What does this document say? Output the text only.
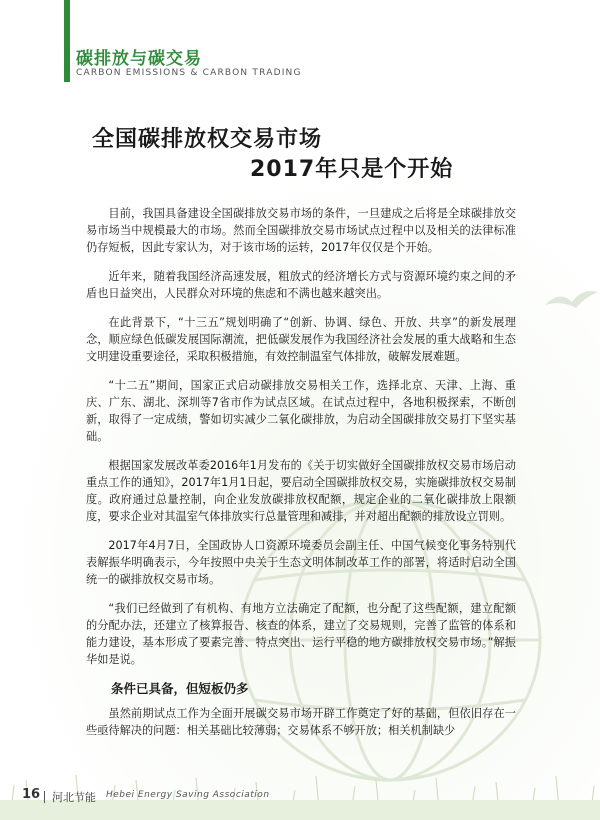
碳排放与碳交易
CARBON EMISSIONS & CARBON TRADING
全国碳排放权交易市场
2017年只是个开始

目前，我国具备建设全国碳排放交易市场的条件，一旦建成之后将是全球碳排放交易市场当中规模最大的市场。然而全国碳排放交易市场试点过程中以及相关的法律标准仍存短板，因此专家认为，对于该市场的运转，2017年仅仅是个开始。

近年来，随着我国经济高速发展，粗放式的经济增长方式与资源环境约束之间的矛盾也日益突出，人民群众对环境的焦虑和不满也越来越突出。

在此背景下，“十三五”规划明确了“创新、协调、绿色、开放、共享”的新发展理念，顺应绿色低碳发展国际潮流，把低碳发展作为我国经济社会发展的重大战略和生态文明建设重要途径，采取积极措施，有效控制温室气体排放，破解发展难题。

“十二五”期间，国家正式启动碳排放交易相关工作，选择北京、天津、上海、重庆、广东、湖北、深圳等7省市作为试点区域。在试点过程中，各地积极探索，不断创新，取得了一定成绩，警如切实减少二氧化碳排放，为启动全国碳排放交易打下坚实基础。

根据国家发展改革委2016年1月发布的《关于切实做好全国碳排放权交易市场启动重点工作的通知》，2017年1月1日起，要启动全国碳排放权交易，实施碳排放权交易制度。政府通过总量控制，向企业发放碳排放权配额，规定企业的二氧化碳排放上限额度，要求企业对其温室气体排放实行总量管理和减排，并对超出配额的排放设立罚则。

2017年4月7日，全国政协人口资源环境委员会副主任、中国气候变化事务特别代表解振华明确表示，今年按照中央关于生态文明体制改革工作的部署，将适时启动全国统一的碳排放权交易市场。

“我们已经做到了有机构、有地方立法确定了配额，也分配了这些配额，建立配额的分配办法，还建立了核算报告、核查的体系，建立了交易规则，完善了监管的体系和能力建设，基本形成了要素完善、特点突出、运行平稳的地方碳排放权交易市场。”解振华如是说。

条件已具备，但短板仍多

虽然前期试点工作为全面开展碳交易市场开辟工作奠定了好的基础，但依旧存在一些亟待解决的问题：相关基础比较薄弱；交易体系不够开放；相关机制缺少

16 河北节能 Hebei Energy Saving Association
